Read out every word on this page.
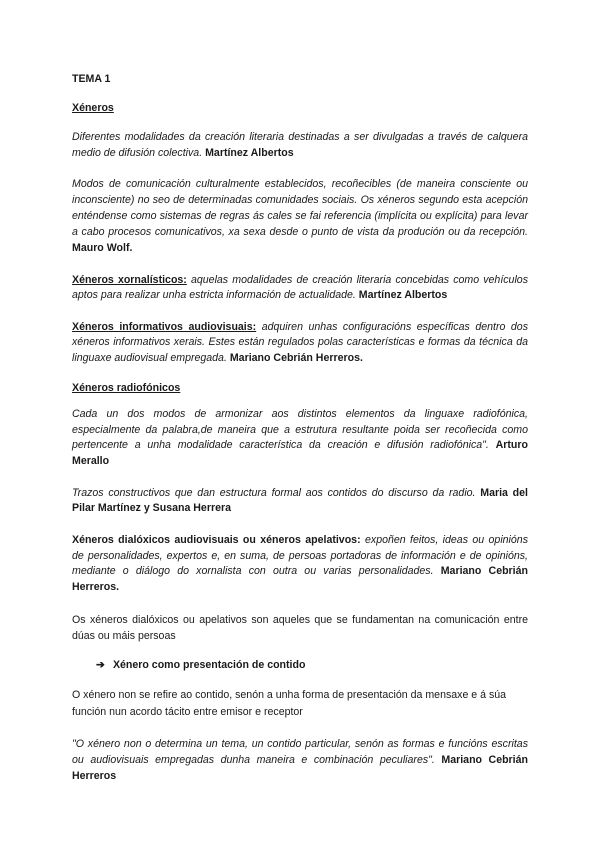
TEMA 1

Xéneros

Diferentes modalidades da creación literaria destinadas a ser divulgadas a través de calquera medio de difusión colectiva. Martínez Albertos

Modos de comunicación culturalmente establecidos, recoñecibles (de maneira consciente ou inconsciente) no seo de determinadas comunidades sociais. Os xéneros segundo esta acepción enténdense como sistemas de regras ás cales se fai referencia (implícita ou explícita) para levar a cabo procesos comunicativos, xa sexa desde o punto de vista da produción ou da recepción. Mauro Wolf.

Xéneros xornalísticos: aquelas modalidades de creación literaria concebidas como vehículos aptos para realizar unha estricta información de actualidade. Martínez Albertos

Xéneros informativos audiovisuais: adquiren unhas configuracións específicas dentro dos xéneros informativos xerais. Estes están regulados polas características e formas da técnica da linguaxe audiovisual empregada. Mariano Cebrián Herreros.

Xéneros radiofónicos

Cada un dos modos de armonizar aos distintos elementos da linguaxe radiofónica, especialmente da palabra,de maneira que a estrutura resultante poida ser recoñecida como pertencente a unha modalidade característica da creación e difusión radiofónica". Arturo Merallo

Trazos constructivos que dan estructura formal aos contidos do discurso da radio. Maria del Pilar Martínez y Susana Herrera

Xéneros dialóxicos audiovisuais ou xéneros apelativos: expoñen feitos, ideas ou opinións de personalidades, expertos e, en suma, de persoas portadoras de información e de opinións, mediante o diálogo do xornalista con outra ou varias personalidades. Mariano Cebrián Herreros.

Os xéneros dialóxicos ou apelativos son aqueles que se fundamentan na comunicación entre dúas ou máis persoas

➔ Xénero como presentación de contido

O xénero non se refire ao contido, senón a unha forma de presentación da mensaxe e á súa función nun acordo tácito entre emisor e receptor

"O xénero non o determina un tema, un contido particular, senón as formas e funcións escritas ou audiovisuais empregadas dunha maneira e combinación peculiares". Mariano Cebrián Herreros
